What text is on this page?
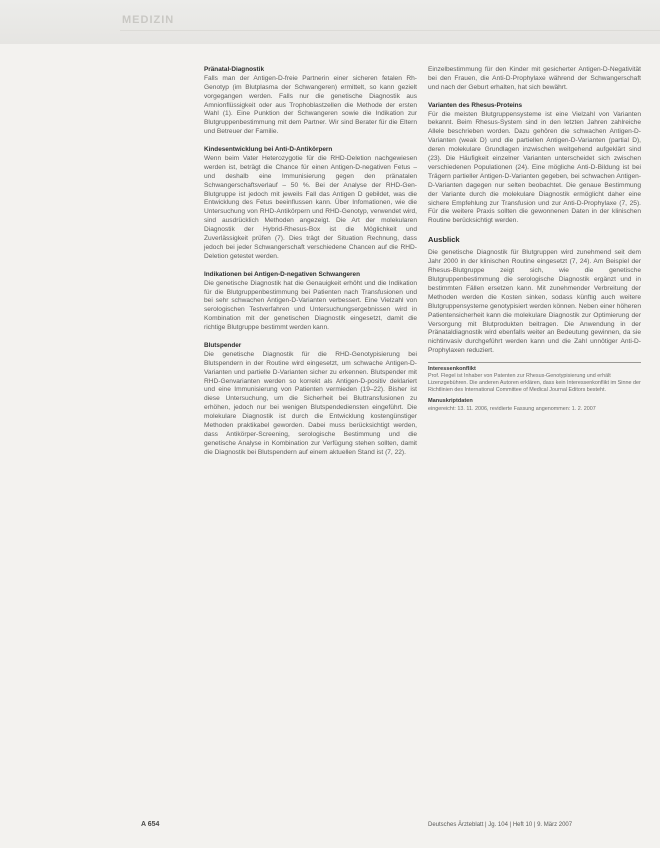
MEDIZIN
Pränatal-Diagnostik

Falls man der Antigen-D-freie Partnerin einer sicheren fetalen Rh-Genotyp (im Blutplasma der Schwangeren) ermittelt, so kann gezielt vorgegangen werden. Falls nur die genetische Diagnostik aus Amnionflüssigkeit oder aus Trophoblastzellen die Methode der ersten Wahl (1). Eine Punktion der Schwangeren sowie die Indikation zur Blutgruppenbestimmung mit dem Partner. Wir sind Berater für die Eltern und Betreuer der Familie.

Kindesentwicklung bei Anti-D-Antikörpern

Wenn beim Vater Heterozygotie für die RHD-Deletion nachgewiesen werden ist, beträgt die Chance für einen Antigen-D-negativen Fetus – und deshalb eine Immunisierung gegen den pränatalen Schwangerschaftsverlauf – 50 %. Bei der Analyse der RHD-Gen-Blutgruppe ist jedoch mit jeweils Fall das Antigen D gebildet, was die Entwicklung des Fetus beeinflussen kann. Über Infomationen, wie die Untersuchung von RHD-Antikörpern und RHD-Genotyp, verwendet wird, sind ausdrücklich Methoden angezeigt. Die Art der molekularen Diagnostik der Hybrid-Rhesus-Box ist die Möglichkeit und Zuverlässigkeit prüfen (7). Dies trägt der Situation Rechnung, dass jedoch bei jeder Schwangerschaft verschiedene Chancen auf die RHD-Deletion getestet werden.

Indikationen bei Antigen-D-negativen Schwangeren

Die genetische Diagnostik hat die Genauigkeit erhöht und die Indikation für die Blutgruppenbestimmung bei Patienten nach Transfusionen und bei sehr schwachen Antigen-D-Varianten verbessert. Eine Vielzahl von serologischen Testverfahren und Untersuchungsergebnissen wird in Kombination mit der genetischen Diagnostik eingesetzt, damit die richtige Blutgruppe bestimmt werden kann.

Blutspender

Die genetische Diagnostik für die RHD-Genotypisierung bei Blutspendern in der Routine wird eingesetzt, um schwache Antigen-D-Varianten und partielle D-Varianten sicher zu erkennen. Blutspender mit RHD-Genvarianten werden so korrekt als Antigen-D-positiv deklariert und eine Immunisierung von Patienten vermieden (19–22). Bisher ist diese Untersuchung, um die Sicherheit bei Bluttransfusionen zu erhöhen, jedoch nur bei wenigen Blutspendediensten eingeführt. Die molekulare Diagnostik ist durch die Entwicklung kostengünstiger Methoden praktikabel geworden. Dabei muss berücksichtigt werden, dass Antikörper-Screening, serologische Bestimmung und die genetische Analyse in Kombination zur Verfügung stehen sollten, damit die Diagnostik bei Blutspendern auf einem aktuellen Stand ist (7, 22).

Einzelbestimmung für den Kinder mit gesicherter Antigen-D-Negativität bei den Frauen, die Anti-D-Prophylaxe während der Schwangerschaft und nach der Geburt erhalten, hat sich bewährt.

Varianten des Rhesus-Proteins

Für die meisten Blutgruppensysteme ist eine Vielzahl von Varianten bekannt. Beim Rhesus-System sind in den letzten Jahren zahlreiche Allele beschrieben worden. Dazu gehören die schwachen Antigen-D-Varianten (weak D) und die partiellen Antigen-D-Varianten (partial D), deren molekulare Grundlagen inzwischen weitgehend aufgeklärt sind (23). Die Häufigkeit einzelner Varianten unterscheidet sich zwischen verschiedenen Populationen (24). Eine mögliche Anti-D-Bildung ist bei Trägern partieller Antigen-D-Varianten gegeben, bei schwachen Antigen-D-Varianten dagegen nur selten beobachtet. Die genaue Bestimmung der Variante durch die molekulare Diagnostik ermöglicht daher eine sichere Empfehlung zur Transfusion und zur Anti-D-Prophylaxe (7, 25). Für die weitere Praxis sollten die gewonnenen Daten in der klinischen Routine berücksichtigt werden.

Ausblick

Die genetische Diagnostik für Blutgruppen wird zunehmend seit dem Jahr 2000 in der klinischen Routine eingesetzt (7, 24). Am Beispiel der Rhesus-Blutgruppe zeigt sich, wie die genetische Blutgruppenbestimmung die serologische Diagnostik ergänzt und in bestimmten Fällen ersetzen kann. Mit zunehmender Verbreitung der Methoden werden die Kosten sinken, sodass künftig auch weitere Blutgruppensysteme genotypisiert werden können. Neben einer höheren Patientensicherheit kann die molekulare Diagnostik zur Optimierung der Versorgung mit Blutprodukten beitragen. Die Anwendung in der Pränataldiagnostik wird ebenfalls weiter an Bedeutung gewinnen, da sie nichtinvasiv durchgeführt werden kann und die Zahl unnötiger Anti-D-Prophylaxen reduziert.

Interessenkonflikt

Prof. Flegel ist Inhaber von Patenten zur Rhesus-Genotypisierung und erhält Lizenzgebühren. Die anderen Autoren erklären, dass kein Interessenkonflikt im Sinne der Richtlinien des International Committee of Medical Journal Editors besteht.

Manuskriptdaten

eingereicht: 13. 11. 2006, revidierte Fassung angenommen: 1. 2. 2007

A 654	Deutsches Ärzteblatt | Jg. 104 | Heft 10 | 9. März 2007
